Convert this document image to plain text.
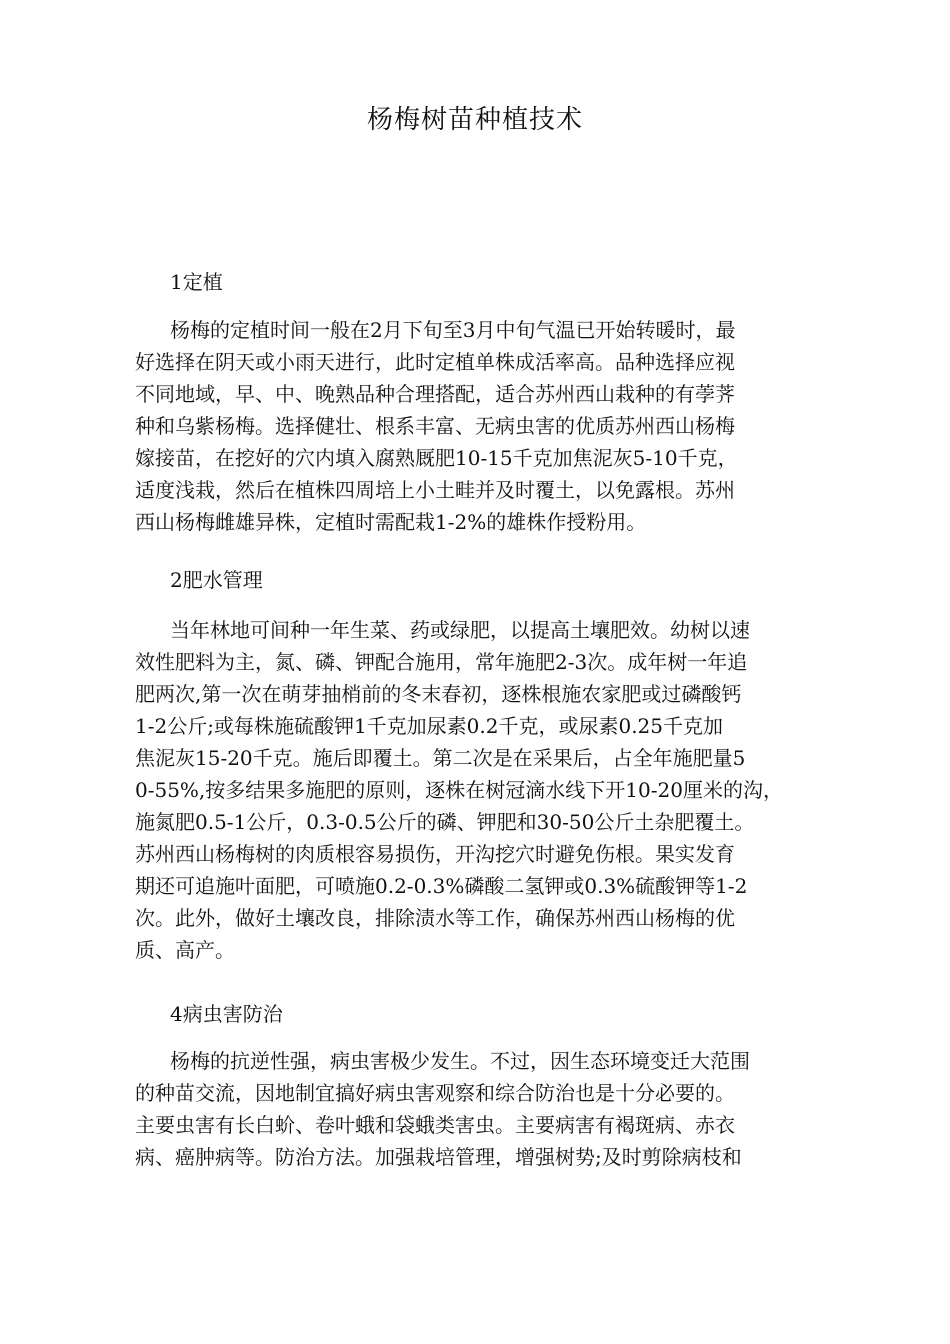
杨梅树苗种植技术
1定植
杨梅的定植时间一般在2月下旬至3月中旬气温已开始转暖时，最
好选择在阴天或小雨天进行，此时定植单株成活率高。品种选择应视
不同地域，早、中、晚熟品种合理搭配，适合苏州西山栽种的有荸荠
种和乌紫杨梅。选择健壮、根系丰富、无病虫害的优质苏州西山杨梅
嫁接苗，在挖好的穴内填入腐熟厩肥10-15千克加焦泥灰5-10千克，
适度浅栽，然后在植株四周培上小土畦并及时覆土，以免露根。苏州
西山杨梅雌雄异株，定植时需配栽1-2%的雄株作授粉用。
2肥水管理
当年林地可间种一年生菜、药或绿肥，以提高土壤肥效。幼树以速
效性肥料为主，氮、磷、钾配合施用，常年施肥2-3次。成年树一年追
肥两次,第一次在萌芽抽梢前的冬末春初，逐株根施农家肥或过磷酸钙
1-2公斤;或每株施硫酸钾1千克加尿素0.2千克，或尿素0.25千克加
焦泥灰15-20千克。施后即覆土。第二次是在采果后，占全年施肥量5
0-55%,按多结果多施肥的原则，逐株在树冠滴水线下开10-20厘米的沟，
施氮肥0.5-1公斤，0.3-0.5公斤的磷、钾肥和30-50公斤土杂肥覆土。
苏州西山杨梅树的肉质根容易损伤，开沟挖穴时避免伤根。果实发育
期还可追施叶面肥，可喷施0.2-0.3%磷酸二氢钾或0.3%硫酸钾等1-2
次。此外，做好土壤改良，排除渍水等工作，确保苏州西山杨梅的优
质、高产。
4病虫害防治
杨梅的抗逆性强，病虫害极少发生。不过，因生态环境变迁大范围
的种苗交流，因地制宜搞好病虫害观察和综合防治也是十分必要的。
主要虫害有长白蚧、卷叶蛾和袋蛾类害虫。主要病害有褐斑病、赤衣
病、癌肿病等。防治方法。加强栽培管理，增强树势;及时剪除病枝和
